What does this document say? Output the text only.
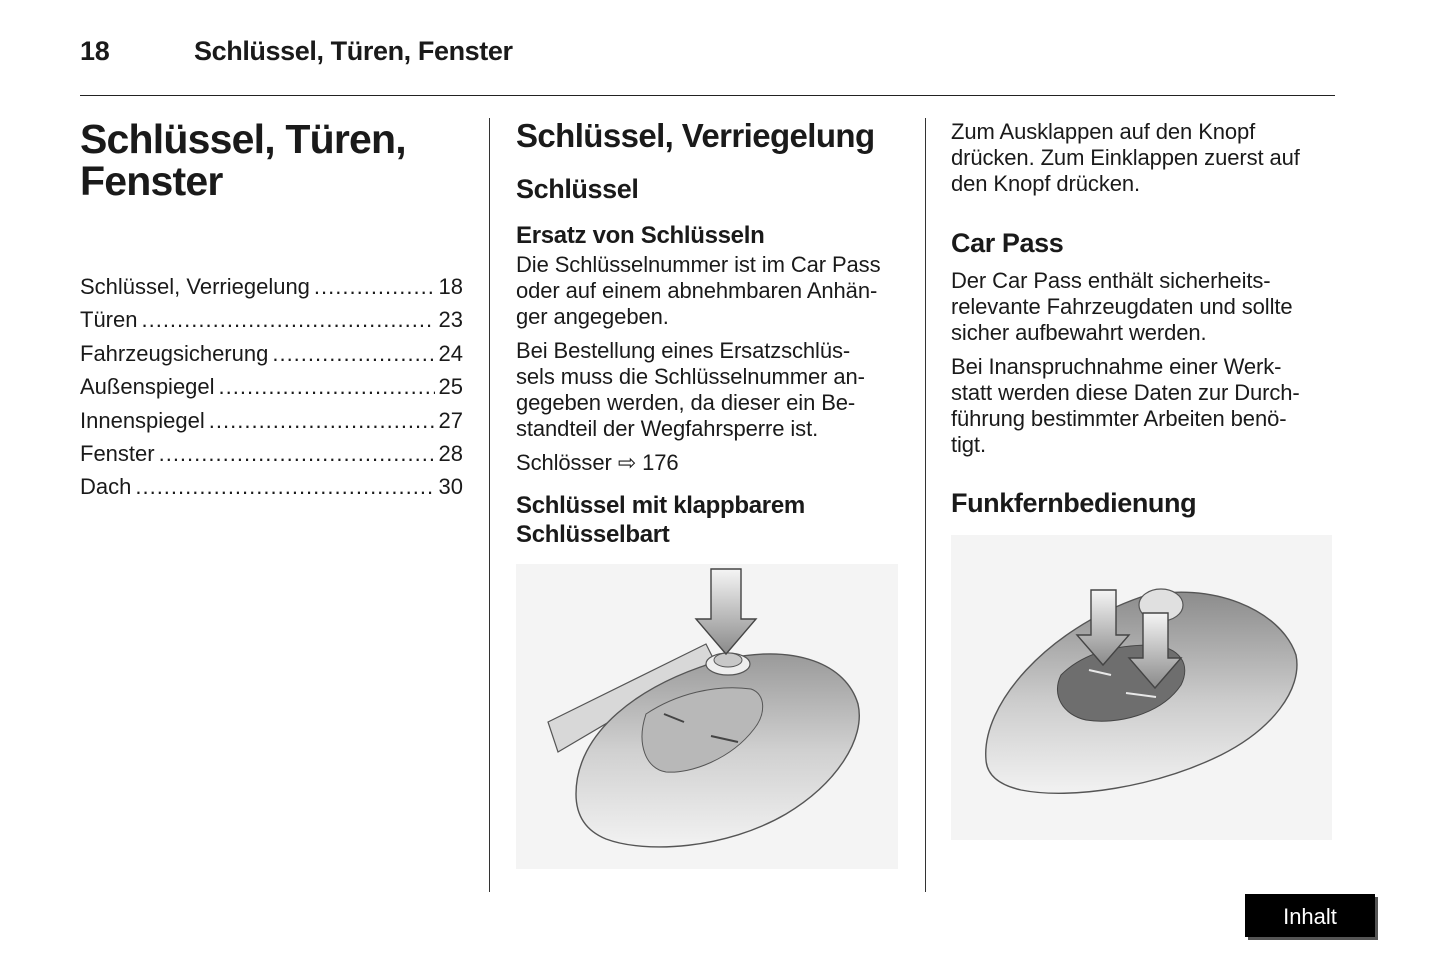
18	Schlüssel, Türen, Fenster
Schlüssel, Türen,
Fenster
Schlüssel, Verriegelung .....	18
Türen .....	23
Fahrzeugsicherung .....	24
Außenspiegel .....	25
Innenspiegel .....	27
Fenster .....	28
Dach .....	30
Schlüssel, Verriegelung
Schlüssel
Ersatz von Schlüsseln
Die Schlüsselnummer ist im Car Pass
oder auf einem abnehmbaren Anhän-
ger angegeben.
Bei Bestellung eines Ersatzschlüs-
sels muss die Schlüsselnummer an-
gegeben werden, da dieser ein Be-
standteil der Wegfahrsperre ist.
Schlösser ⇨ 176
Schlüssel mit klappbarem
Schlüsselbart
Zum Ausklappen auf den Knopf
drücken. Zum Einklappen zuerst auf
den Knopf drücken.
Car Pass
Der Car Pass enthält sicherheits-
relevante Fahrzeugdaten und sollte
sicher aufbewahrt werden.
Bei Inanspruchnahme einer Werk-
statt werden diese Daten zur Durch-
führung bestimmter Arbeiten benö-
tigt.
Funkfernbedienung
Inhalt
